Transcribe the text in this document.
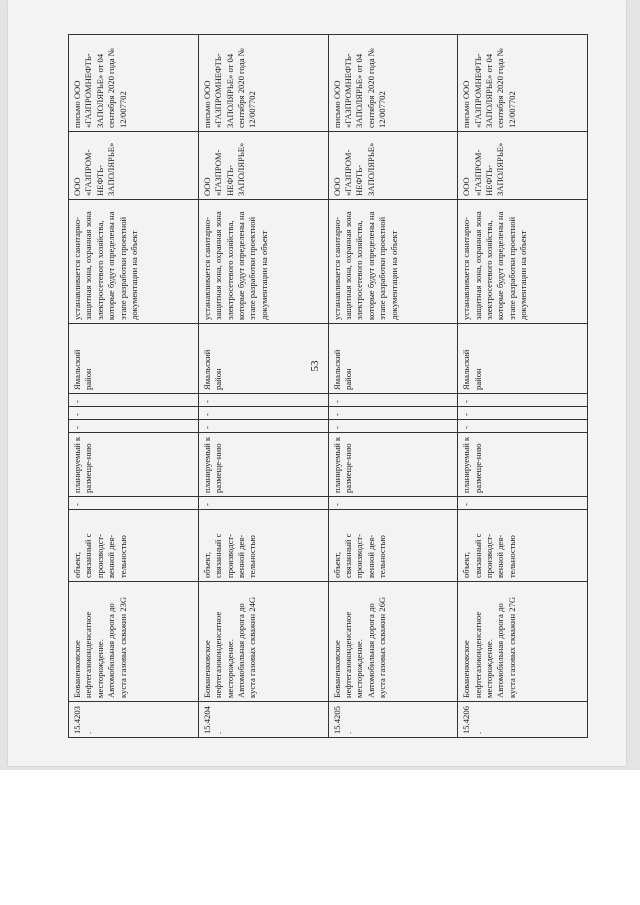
53
15.4203.	Бованенковское нефтегазоконденсатное месторождение. Автомобильная дорога до куста газовых скважин 23G	объект, связанный с производст-венной дея-тельностью	-	планируемый к размеще-нию	-	-	-	Ямальский район	устанавливается санитарно-защитная зона, охранная зона электросетевого хозяйства, которые будут определены на этапе разработки проектной документации на объект	ООО «ГАЗПРОМ-НЕФТЬ-ЗАПОЛЯРЬЕ»	письмо ООО «ГАЗПРОМНЕФТЬ-ЗАПОЛЯРЬЕ» от 04 сентября 2020 года № 12/007702
15.4204.	Бованенковское нефтегазоконденсатное месторождение. Автомобильная дорога до куста газовых скважин 24G	объект, связанный с производст-венной дея-тельностью	-	планируемый к размеще-нию	-	-	-	Ямальский район	устанавливается санитарно-защитная зона, охранная зона электросетевого хозяйства, которые будут определены на этапе разработки проектной документации на объект	ООО «ГАЗПРОМ-НЕФТЬ-ЗАПОЛЯРЬЕ»	письмо ООО «ГАЗПРОМНЕФТЬ-ЗАПОЛЯРЬЕ» от 04 сентября 2020 года № 12/007702
15.4205.	Бованенковское нефтегазоконденсатное месторождение. Автомобильная дорога до куста газовых скважин 26G	объект, связанный с производст-венной дея-тельностью	-	планируемый к размеще-нию	-	-	-	Ямальский район	устанавливается санитарно-защитная зона, охранная зона электросетевого хозяйства, которые будут определены на этапе разработки проектной документации на объект	ООО «ГАЗПРОМ-НЕФТЬ-ЗАПОЛЯРЬЕ»	письмо ООО «ГАЗПРОМНЕФТЬ-ЗАПОЛЯРЬЕ» от 04 сентября 2020 года № 12/007702
15.4206.	Бованенковское нефтегазоконденсатное месторождение. Автомобильная дорога до куста газовых скважин 27G	объект, связанный с производст-венной дея-тельностью	-	планируемый к размеще-нию	-	-	-	Ямальский район	устанавливается санитарно-защитная зона, охранная зона электросетевого хозяйства, которые будут определены на этапе разработки проектной документации на объект	ООО «ГАЗПРОМ-НЕФТЬ-ЗАПОЛЯРЬЕ»	письмо ООО «ГАЗПРОМНЕФТЬ-ЗАПОЛЯРЬЕ» от 04 сентября 2020 года № 12/007702
